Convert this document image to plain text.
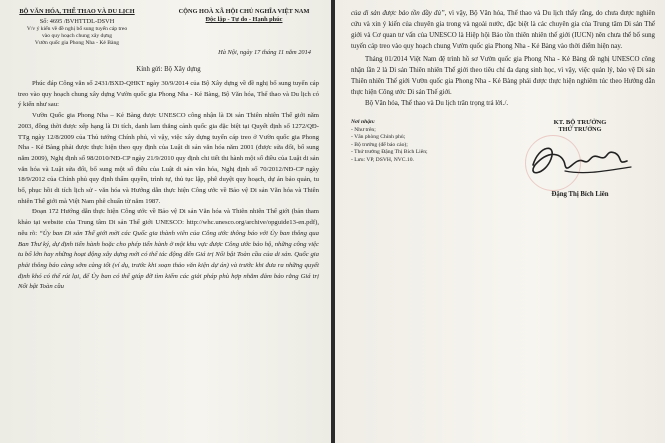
BỘ VĂN HÓA, THỂ THAO VÀ DU LỊCH
Số: 4695 /BVHTTDL-DSVH
V/v ý kiến về đề nghị bổ sung tuyến cáp treo
vào quy hoạch chung xây dựng
Vườn quốc gia Phong Nha - Kẻ Bàng
CỘNG HOÀ XÃ HỘI CHỦ NGHĨA VIỆT NAM
Độc lập - Tự do - Hạnh phúc
Hà Nội, ngày 17 tháng 11 năm 2014
Kính gửi: Bộ Xây dựng

Phúc đáp Công văn số 2431/BXD-QHKT ngày 30/9/2014 của Bộ Xây dựng về đề nghị bổ sung tuyến cáp treo vào quy hoạch chung xây dựng Vườn quốc gia Phong Nha - Kẻ Bàng, Bộ Văn hóa, Thể thao và Du lịch có ý kiến như sau:

Vườn Quốc gia Phong Nha – Kẻ Bàng được UNESCO công nhận là Di sản Thiên nhiên Thế giới năm 2003, đồng thời được xếp hạng là Di tích, danh lam thắng cảnh quốc gia đặc biệt tại Quyết định số 1272/QĐ-TTg ngày 12/8/2009 của Thủ tướng Chính phủ, vì vậy, việc xây dựng tuyến cáp treo ở Vườn quốc gia Phong Nha - Kẻ Bàng phải được thực hiện theo quy định của Luật di sản văn hóa năm 2001 (được sửa đổi, bổ sung năm 2009), Nghị định số 98/2010/NĐ-CP ngày 21/9/2010 quy định chi tiết thi hành một số điều của Luật di sản văn hóa và Luật sửa đổi, bổ sung một số điều của Luật di sản văn hóa, Nghị định số 70/2012/NĐ-CP ngày 18/9/2012 của Chính phủ quy định thẩm quyền, trình tự, thủ tục lập, phê duyệt quy hoạch, dự án bảo quản, tu bổ, phục hồi di tích lịch sử - văn hóa và Hướng dẫn thực hiện Công ước về Bảo vệ Di sản Văn hóa và Thiên nhiên Thế giới mà Việt Nam phê chuẩn từ năm 1987.

Đoạn 172 Hướng dẫn thực hiện Công ước về Bảo vệ Di sản Văn hóa và Thiên nhiên Thế giới (bản tham khảo tại website của Trung tâm Di sản Thế giới UNESCO: http://whc.unesco.org/archive/opguide13-en.pdf), nêu rõ: “Ủy ban Di sản Thế giới mời các Quốc gia thành viên của Công ước thông báo với Ủy ban thông qua Ban Thư ký, dự định tiến hành hoặc cho phép tiến hành ở một khu vực được Công ước bảo hộ, những công việc tu bổ lớn hay những hoạt động xây dựng mới có thể tác động đến Giá trị Nổi bật Toàn cầu của di sản. Quốc gia phải thông báo càng sớm càng tốt (ví dụ, trước khi soạn thảo văn kiện dự án) và trước khi đưa ra những quyết định khó có thể rút lại, để Ủy ban có thể giúp đỡ tìm kiếm các giải pháp phù hợp nhằm đảm bảo rằng Giá trị Nổi bật Toàn cầu

của di sản được bảo tồn đầy đủ”, vì vậy, Bộ Văn hóa, Thể thao và Du lịch thấy rằng, do chưa được nghiên cứu và xin ý kiến của chuyên gia trong và ngoài nước, đặc biệt là các chuyên gia của Trung tâm Di sản Thế giới và Cơ quan tư vấn của UNESCO là Hiệp hội Bảo tồn thiên nhiên thế giới (IUCN) nên chưa thể bổ sung tuyến cáp treo vào quy hoạch chung Vườn quốc gia Phong Nha - Kẻ Bàng vào thời điểm hiện nay.

Tháng 01/2014 Việt Nam đệ trình hồ sơ Vườn quốc gia Phong Nha - Kẻ Bàng đề nghị UNESCO công nhận lần 2 là Di sản Thiên nhiên Thế giới theo tiêu chí đa dạng sinh học, vì vậy, việc quản lý, bảo vệ Di sản Thiên nhiên Thế giới Vườn quốc gia Phong Nha - Kẻ Bàng phải được thực hiện nghiêm túc theo Hướng dẫn thực hiện Công ước Di sản Thế giới.

Bộ Văn hóa, Thể thao và Du lịch trân trọng trả lời./.

Nơi nhận:
- Như trên;
- Văn phòng Chính phủ;
- Bộ trưởng (để báo cáo);
- Thứ trưởng Đặng Thị Bích Liên;
- Lưu: VP, DSVH, NVC.10.
KT. BỘ TRƯỞNG
THỨ TRƯỞNG
Đặng Thị Bích Liên
